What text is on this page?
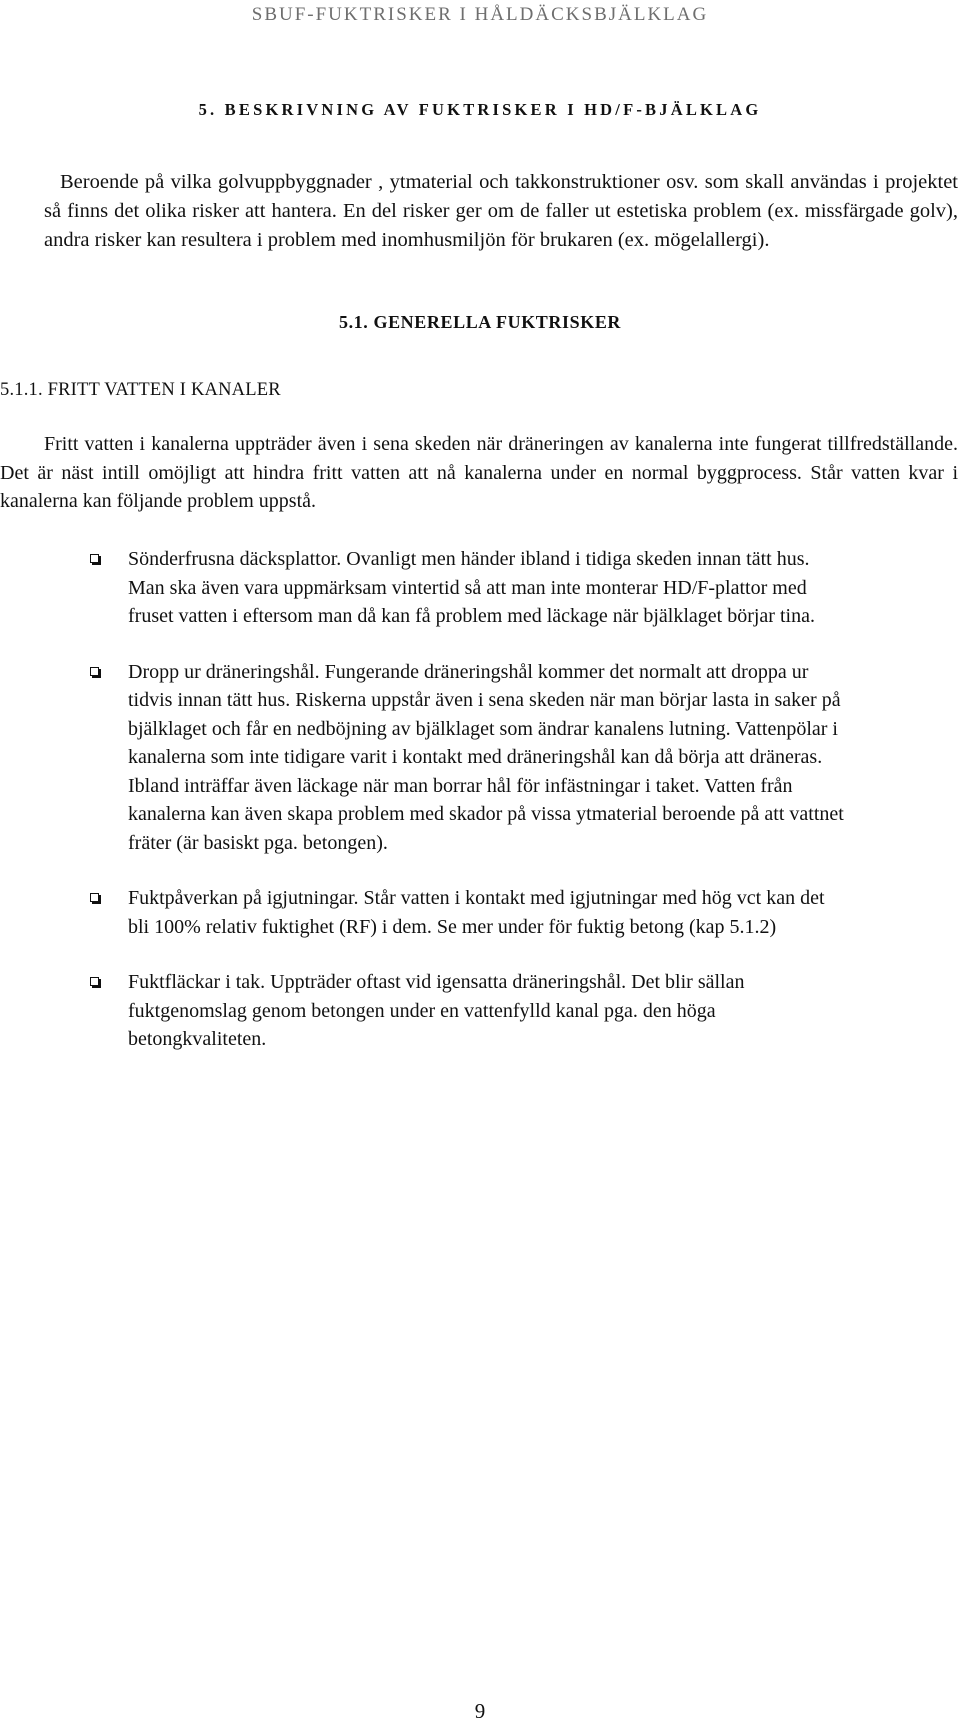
SBUF-FUKTRISKER I HÅLDÄCKSBJÄLKLAG
5. BESKRIVNING AV FUKTRISKER I HD/F-BJÄLKLAG

Beroende på vilka golvuppbyggnader , ytmaterial och takkonstruktioner osv. som skall användas i projektet så finns det olika risker att hantera. En del risker ger om de faller ut estetiska problem (ex. missfärgade golv), andra risker kan resultera i problem med inomhusmiljön för brukaren (ex. mögelallergi).

5.1. GENERELLA FUKTRISKER
5.1.1. FRITT VATTEN I KANALER

Fritt vatten i kanalerna uppträder även i sena skeden när dräneringen av kanalerna inte fungerat tillfredställande. Det är näst intill omöjligt att hindra fritt vatten att nå kanalerna under en normal byggprocess. Står vatten kvar i kanalerna kan följande problem uppstå.

Sönderfrusna däcksplattor. Ovanligt men händer ibland i tidiga skeden innan tätt hus. Man ska även vara uppmärksam vintertid så att man inte monterar HD/F-plattor med fruset vatten i eftersom man då kan få problem med läckage när bjälklaget börjar tina.
Dropp ur dräneringshål. Fungerande dräneringshål kommer det normalt att droppa ur tidvis innan tätt hus. Riskerna uppstår även i sena skeden när man börjar lasta in saker på bjälklaget och får en nedböjning av bjälklaget som ändrar kanalens lutning. Vattenpölar i kanalerna som inte tidigare varit i kontakt med dräneringshål kan då börja att dräneras. Ibland inträffar även läckage när man borrar hål för infästningar i taket. Vatten från kanalerna kan även skapa problem med skador på vissa ytmaterial beroende på att vattnet fräter (är basiskt pga. betongen).
Fuktpåverkan på igjutningar. Står vatten i kontakt med igjutningar med hög vct kan det bli 100% relativ fuktighet (RF) i dem. Se mer under för fuktig betong (kap 5.1.2)
Fuktfläckar i tak. Uppträder oftast vid igensatta dräneringshål. Det blir sällan fuktgenomslag genom betongen under en vattenfylld kanal pga. den höga betongkvaliteten.
9
